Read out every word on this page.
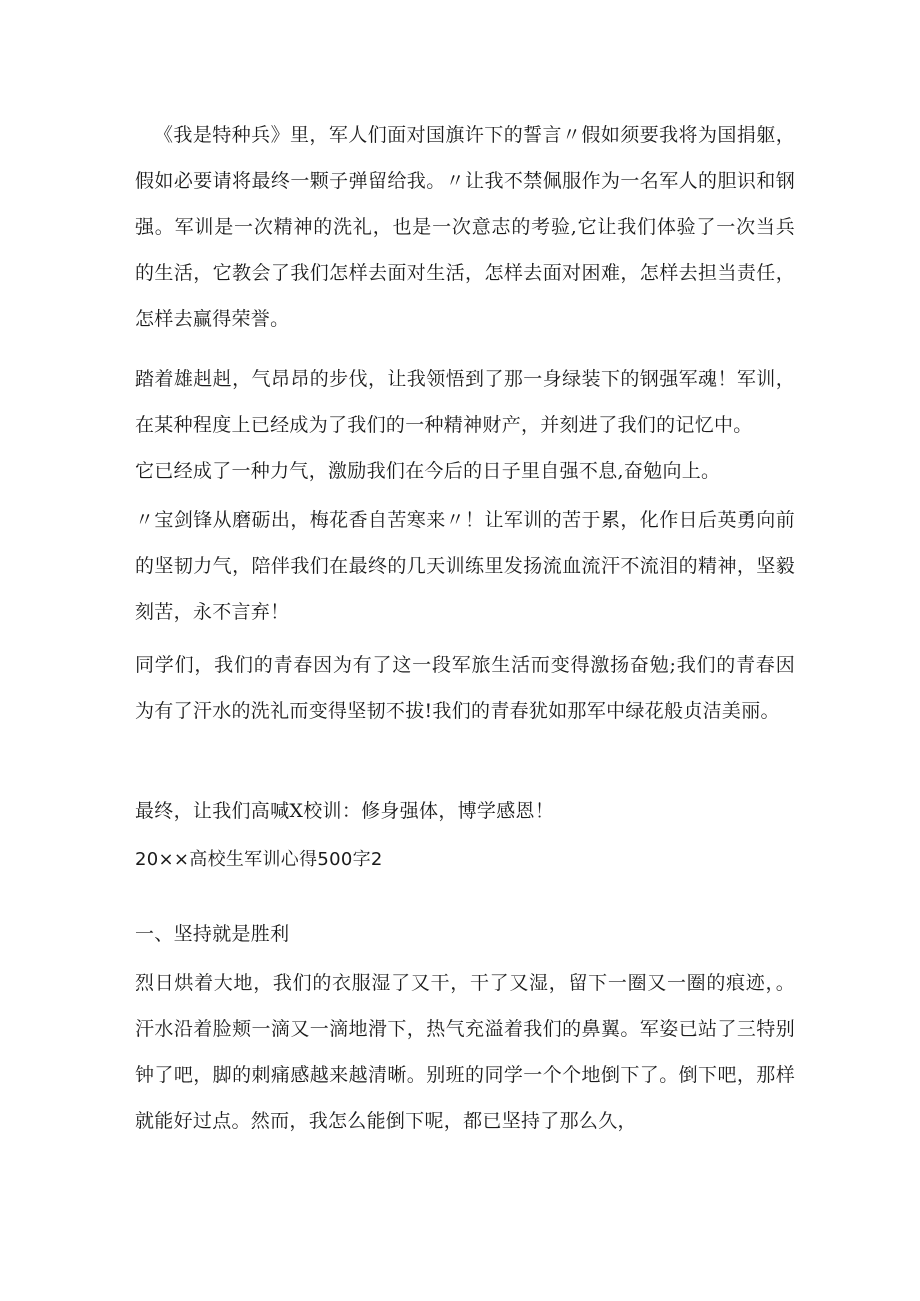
《我是特种兵》里，军人们面对国旗许下的誓言〃假如须要我将为国捐躯，假如必要请将最终一颗子弹留给我。〃让我不禁佩服作为一名军人的胆识和钢强。军训是一次精神的洗礼，也是一次意志的考验,它让我们体验了一次当兵的生活，它教会了我们怎样去面对生活，怎样去面对困难，怎样去担当责任，怎样去赢得荣誉。

踏着雄赳赳，气昂昂的步伐，让我领悟到了那一身绿装下的钢强军魂！军训，在某种程度上已经成为了我们的一种精神财产，并刻进了我们的记忆中。

它已经成了一种力气，激励我们在今后的日子里自强不息,奋勉向上。

〃宝剑锋从磨砺出，梅花香自苦寒来〃！让军训的苦于累，化作日后英勇向前的坚韧力气，陪伴我们在最终的几天训练里发扬流血流汗不流泪的精神，坚毅刻苦，永不言弃！

同学们，我们的青春因为有了这一段军旅生活而变得激扬奋勉;我们的青春因为有了汗水的洗礼而变得坚韧不拔!我们的青春犹如那军中绿花般贞洁美丽。

最终，让我们高喊X校训：修身强体，博学感恩！

20××高校生军训心得500字2

一、坚持就是胜利

烈日烘着大地，我们的衣服湿了又干，干了又湿，留下一圈又一圈的痕迹，。汗水沿着脸颊一滴又一滴地滑下，热气充溢着我们的鼻翼。军姿已站了三特别钟了吧，脚的刺痛感越来越清晰。别班的同学一个个地倒下了。倒下吧，那样就能好过点。然而，我怎么能倒下呢，都已坚持了那么久，
